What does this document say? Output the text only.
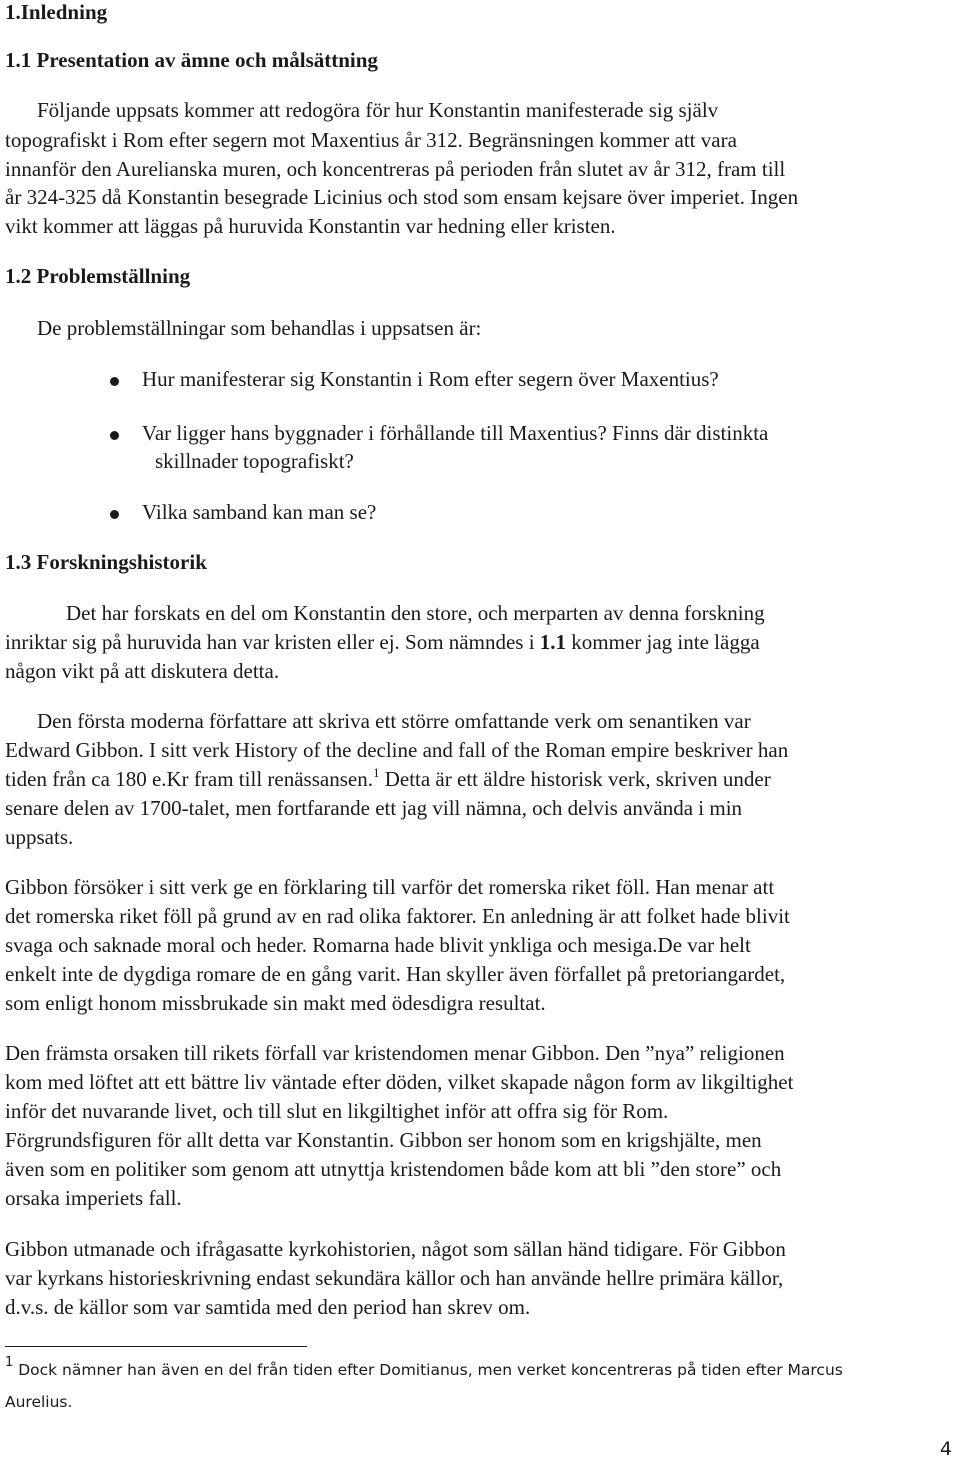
1.Inledning
1.1 Presentation av ämne och målsättning
Följande uppsats kommer att redogöra för hur Konstantin manifesterade sig själv
topografiskt i Rom efter segern mot Maxentius år 312. Begränsningen kommer att vara
innanför den Aurelianska muren, och koncentreras på perioden från slutet av år 312, fram till
år 324-325 då Konstantin besegrade Licinius och stod som ensam kejsare över imperiet. Ingen
vikt kommer att läggas på huruvida Konstantin var hedning eller kristen.
1.2 Problemställning
De problemställningar som behandlas i uppsatsen är:
Hur manifesterar sig Konstantin i Rom efter segern över Maxentius?
Var ligger hans byggnader i förhållande till Maxentius? Finns där distinkta
skillnader topografiskt?
Vilka samband kan man se?
1.3 Forskningshistorik
Det har forskats en del om Konstantin den store, och merparten av denna forskning
inriktar sig på huruvida han var kristen eller ej. Som nämndes i 1.1 kommer jag inte lägga
någon vikt på att diskutera detta.
Den första moderna författare att skriva ett större omfattande verk om senantiken var
Edward Gibbon. I sitt verk History of the decline and fall of the Roman empire beskriver han
tiden från ca 180 e.Kr fram till renässansen.$^1$ Detta är ett äldre historisk verk, skriven under
senare delen av 1700-talet, men fortfarande ett jag vill nämna, och delvis använda i min
uppsats.
Gibbon försöker i sitt verk ge en förklaring till varför det romerska riket föll. Han menar att
det romerska riket föll på grund av en rad olika faktorer. En anledning är att folket hade blivit
svaga och saknade moral och heder. Romarna hade blivit ynkliga och mesiga.De var helt
enkelt inte de dygdiga romare de en gång varit. Han skyller även förfallet på pretoriangardet,
som enligt honom missbrukade sin makt med ödesdigra resultat.
Den främsta orsaken till rikets förfall var kristendomen menar Gibbon. Den ”nya” religionen
kom med löftet att ett bättre liv väntade efter döden, vilket skapade någon form av likgiltighet
inför det nuvarande livet, och till slut en likgiltighet inför att offra sig för Rom.
Förgrundsfiguren för allt detta var Konstantin. Gibbon ser honom som en krigshjälte, men
även som en politiker som genom att utnyttja kristendomen både kom att bli ”den store” och
orsaka imperiets fall.
Gibbon utmanade och ifrågasatte kyrkohistorien, något som sällan händ tidigare. För Gibbon
var kyrkans historieskrivning endast sekundära källor och han använde hellre primära källor,
d.v.s. de källor som var samtida med den period han skrev om.
$^1$ Dock nämner han även en del från tiden efter Domitianus, men verket koncentreras på tiden efter Marcus
Aurelius.
4
